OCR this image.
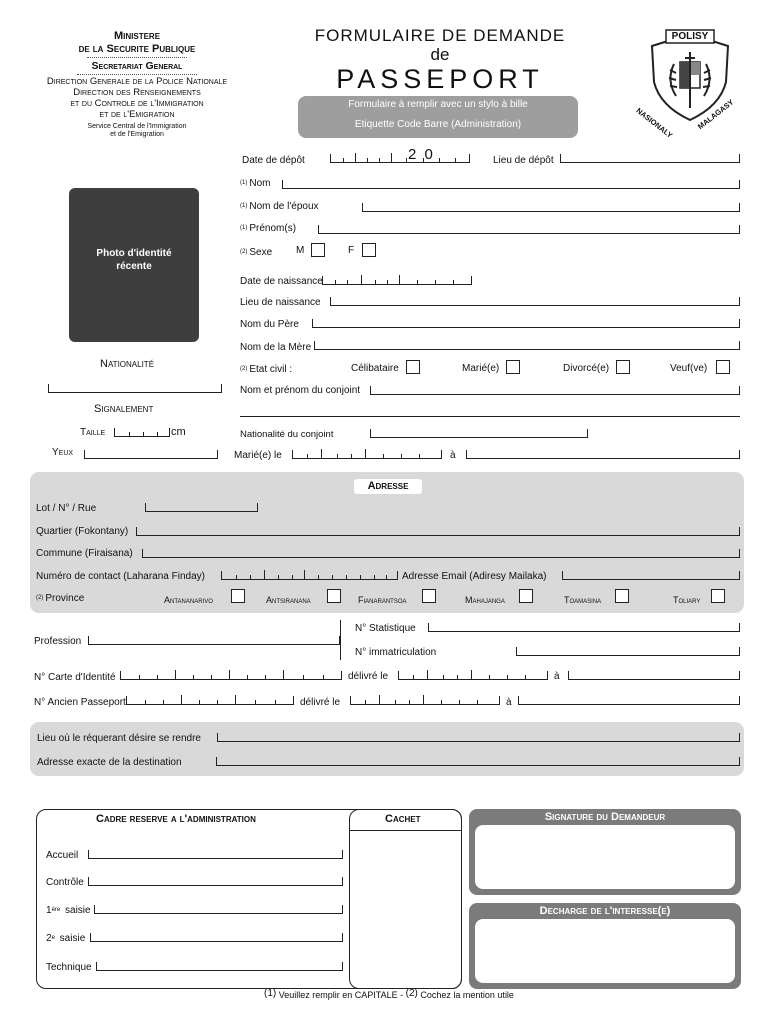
Ministere
de la Securite Publique
Secretariat General
Direction Generale de la Police Nationale
Direction des Renseignements
et du Controle de l'Immigration
et de l'Emigration
Service Central de l'Immigration
et de l'Emigration
FORMULAIRE DE DEMANDE
de
PASSEPORT
Formulaire à remplir avec un stylo à bille
Etiquette Code Barre (Administration)
POLISY
NASIONALY	MALAGASY
Photo d'identité
récente
Nationalité
Signalement
Taille	cm
Yeux
Date de dépôt	2 0	Lieu de dépôt
$^{(1)}$ Nom
$^{(1)}$ Nom de l'époux
$^{(1)}$ Prénom(s)
$^{(2)}$ Sexe M	F
Date de naissance
Lieu de naissance
Nom du Père
Nom de la Mère
$^{(2)}$ Etat civil :	Célibataire	Marié(e)	Divorcé(e)	Veuf(ve)
Nom et prénom du conjoint
Nationalité du conjoint
Marié(e) le	à
Adresse
Lot / N° / Rue
Quartier (Fokontany)
Commune (Firaisana)
Numéro de contact (Laharana Finday)	Adresse Email (Adiresy Mailaka)
$^{(2)}$ Province	Antananarivo	Antsiranana	Fianarantsoa	Mahajanga	Toamasina	Toliary
Profession
N° Statistique
N° immatriculation
N° Carte d'Identité	délivré le	à
N° Ancien Passeport	délivré le	à
Lieu où le réquerant désire se rendre
Adresse exacte de la destination
Cadre reserve a l'administration	Cachet
Accueil
Contrôle
1ère saisie
2e saisie
Technique
Signature du Demandeur
Decharge de l'interesse(e)
(1) Veuillez remplir en CAPITALE - (2) Cochez la mention utile
